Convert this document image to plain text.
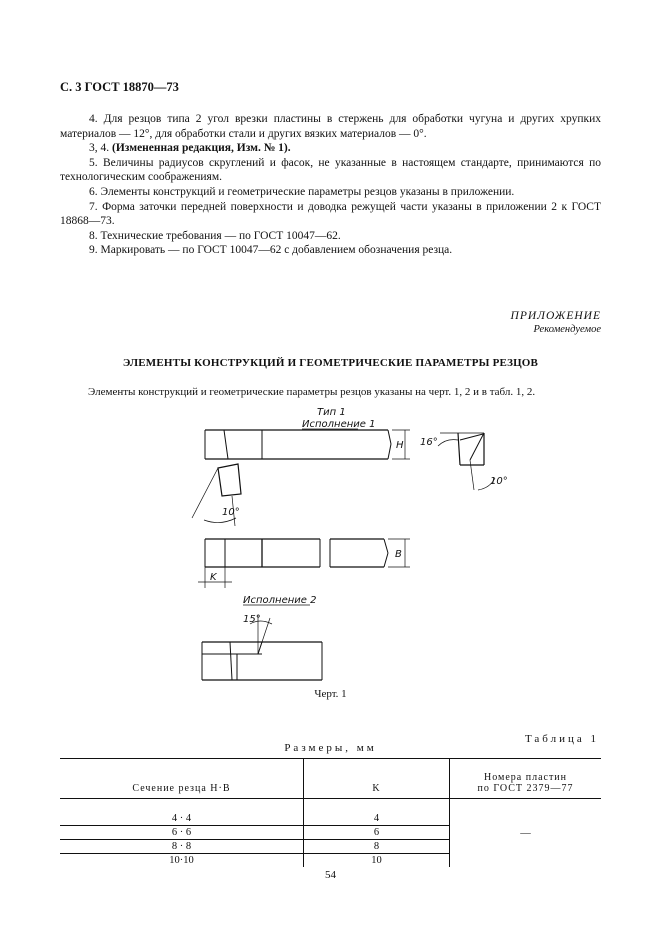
С. 3 ГОСТ 18870—73

4. Для резцов типа 2 угол врезки пластины в стержень для обработки чугуна и других хрупких материалов — 12°, для обработки стали и других вязких материалов — 0°.

3, 4. (Измененная редакция, Изм. № 1).

5. Величины радиусов скруглений и фасок, не указанные в настоящем стандарте, принимаются по технологическим соображениям.

6. Элементы конструкций и геометрические параметры резцов указаны в приложении.

7. Форма заточки передней поверхности и доводка режущей части указаны в приложении 2 к ГОСТ 18868—73.

8. Технические требования — по ГОСТ 10047—62.

9. Маркировать — по ГОСТ 10047—62 с добавлением обозначения резца.

ПРИЛОЖЕНИЕ
Рекомендуемое
ЭЛЕМЕНТЫ КОНСТРУКЦИЙ И ГЕОМЕТРИЧЕСКИЕ ПАРАМЕТРЫ РЕЗЦОВ
Элементы конструкций и геометрические параметры резцов указаны на черт. 1, 2 и в табл. 1, 2.
Тип 1
Исполнение 1
H 16°
10°
10°
B
K
Исполнение 2
15°
Черт. 1
Таблица 1
Размеры, мм
Сечение резца H·B	K	Номера пластин
по ГОСТ 2379—77

		—
4 · 4	4	
6 · 6	6	
8 · 8	8	
10·10	10	
54
